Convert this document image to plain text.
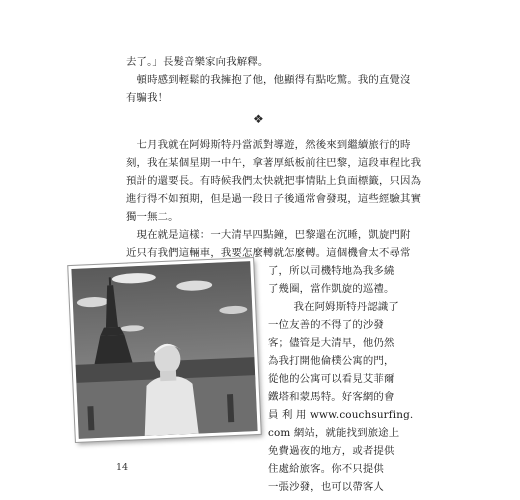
去了。」長髮音樂家向我解釋。
　頓時感到輕鬆的我擁抱了他，他顯得有點吃驚。我的直覺沒
有騙我！
❖
　七月我就在阿姆斯特丹當派對導遊，然後來到繼續旅行的時
刻，我在某個星期一中午，拿著厚紙板前往巴黎，這段車程比我
預計的還要長。有時候我們太快就把事情貼上負面標籤，只因為
進行得不如預期，但是過一段日子後通常會發現，這些經驗其實
獨一無二。
　現在就是這樣：一大清早四點鐘，巴黎還在沉睡，凱旋門附
近只有我們這輛車，我要怎麼轉就怎麼轉。這個機會太不尋常
了，所以司機特地為我多繞
了幾圈，當作凱旋的巡禮。
　我在阿姆斯特丹認識了
一位友善的不得了的沙發
客；儘管是大清早，他仍然
為我打開他倫樸公寓的門，
從他的公寓可以看見艾菲爾
鐵塔和蒙馬特。好客網的會
員 利 用 www.couchsurfing.
com 網站，就能找到旅途上
免費過夜的地方，或者提供
住處給旅客。你不只提供
一張沙發，也可以帶客人
14
